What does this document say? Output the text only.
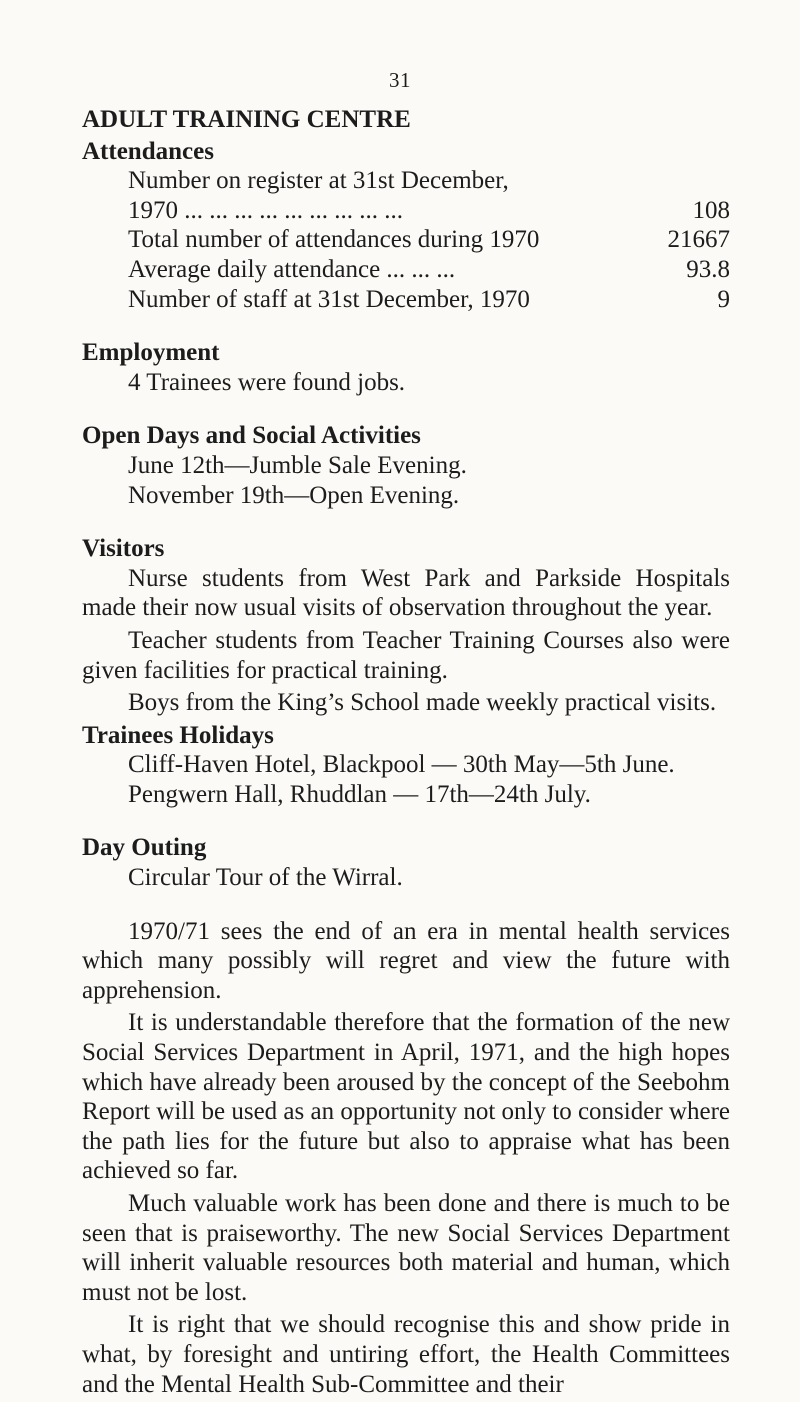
31
ADULT TRAINING CENTRE
Attendances
Number on register at 31st December,
1970 ... ... ... ... ... ... ... ... ...	108
Total number of attendances during 1970	21667
Average daily attendance ... ... ...	93.8
Number of staff at 31st December, 1970	9
Employment
4 Trainees were found jobs.
Open Days and Social Activities
June 12th—Jumble Sale Evening.
November 19th—Open Evening.
Visitors

Nurse students from West Park and Parkside Hospitals made their now usual visits of observation throughout the year.

Teacher students from Teacher Training Courses also were given facilities for practical training.

Boys from the King’s School made weekly practical visits.

Trainees Holidays
Cliff-Haven Hotel, Blackpool — 30th May—5th June.
Pengwern Hall, Rhuddlan — 17th—24th July.
Day Outing
Circular Tour of the Wirral.

1970/71 sees the end of an era in mental health services which many possibly will regret and view the future with apprehension.

It is understandable therefore that the formation of the new Social Services Department in April, 1971, and the high hopes which have already been aroused by the concept of the Seebohm Report will be used as an opportunity not only to consider where the path lies for the future but also to appraise what has been achieved so far.

Much valuable work has been done and there is much to be seen that is praiseworthy. The new Social Services Department will inherit valuable resources both material and human, which must not be lost.

It is right that we should recognise this and show pride in what, by foresight and untiring effort, the Health Committees and the Mental Health Sub-Committee and their
